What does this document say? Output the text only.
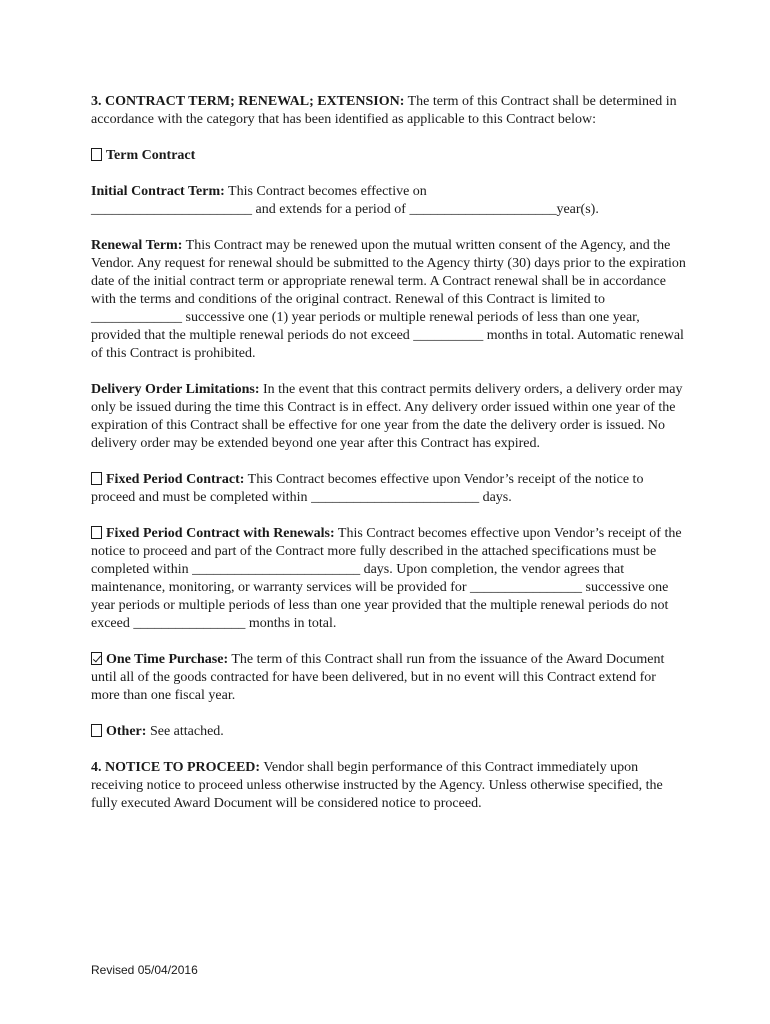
3. CONTRACT TERM; RENEWAL; EXTENSION: The term of this Contract shall be determined in accordance with the category that has been identified as applicable to this Contract below:

Term Contract

Initial Contract Term: This Contract becomes effective on
_______________________ and extends for a period of _____________________year(s).

Renewal Term: This Contract may be renewed upon the mutual written consent of the Agency, and the Vendor. Any request for renewal should be submitted to the Agency thirty (30) days prior to the expiration date of the initial contract term or appropriate renewal term. A Contract renewal shall be in accordance with the terms and conditions of the original contract. Renewal of this Contract is limited to _____________ successive one (1) year periods or multiple renewal periods of less than one year, provided that the multiple renewal periods do not exceed __________ months in total. Automatic renewal of this Contract is prohibited.

Delivery Order Limitations: In the event that this contract permits delivery orders, a delivery order may only be issued during the time this Contract is in effect. Any delivery order issued within one year of the expiration of this Contract shall be effective for one year from the date the delivery order is issued. No delivery order may be extended beyond one year after this Contract has expired.

Fixed Period Contract: This Contract becomes effective upon Vendor’s receipt of the notice to proceed and must be completed within ________________________ days.

Fixed Period Contract with Renewals: This Contract becomes effective upon Vendor’s receipt of the notice to proceed and part of the Contract more fully described in the attached specifications must be completed within ________________________ days. Upon completion, the vendor agrees that maintenance, monitoring, or warranty services will be provided for ________________ successive one year periods or multiple periods of less than one year provided that the multiple renewal periods do not exceed ________________ months in total.

One Time Purchase: The term of this Contract shall run from the issuance of the Award Document until all of the goods contracted for have been delivered, but in no event will this Contract extend for more than one fiscal year.

Other: See attached.

4. NOTICE TO PROCEED: Vendor shall begin performance of this Contract immediately upon receiving notice to proceed unless otherwise instructed by the Agency. Unless otherwise specified, the fully executed Award Document will be considered notice to proceed.

Revised 05/04/2016
